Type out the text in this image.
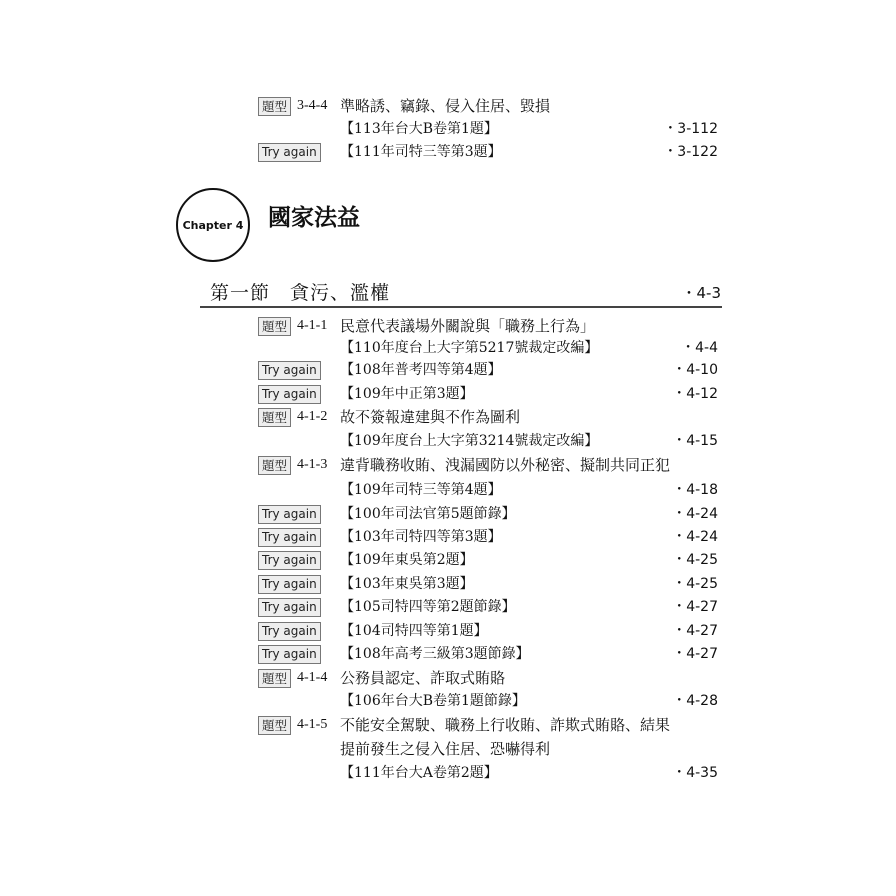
題型 3-4-4 準略誘、竊錄、侵入住居、毀損
【113年台大B卷第1題】	・3-112
Try again 【111年司特三等第3題】	・3-122
Chapter 4 國家法益
第一節　貪污、濫權	・4-3
題型 4-1-1 民意代表議場外關說與「職務上行為」
【110年度台上大字第5217號裁定改編】	・4-4
Try again 【108年普考四等第4題】	・4-10
Try again 【109年中正第3題】	・4-12
題型 4-1-2 故不簽報違建與不作為圖利
【109年度台上大字第3214號裁定改編】	・4-15
題型 4-1-3 違背職務收賄、洩漏國防以外秘密、擬制共同正犯
【109年司特三等第4題】	・4-18
Try again 【100年司法官第5題節錄】	・4-24
Try again 【103年司特四等第3題】	・4-24
Try again 【109年東吳第2題】	・4-25
Try again 【103年東吳第3題】	・4-25
Try again 【105司特四等第2題節錄】	・4-27
Try again 【104司特四等第1題】	・4-27
Try again 【108年高考三級第3題節錄】	・4-27
題型 4-1-4 公務員認定、詐取式賄賂
【106年台大B卷第1題節錄】	・4-28
題型 4-1-5 不能安全駕駛、職務上行收賄、詐欺式賄賂、結果
提前發生之侵入住居、恐嚇得利
【111年台大A卷第2題】	・4-35
